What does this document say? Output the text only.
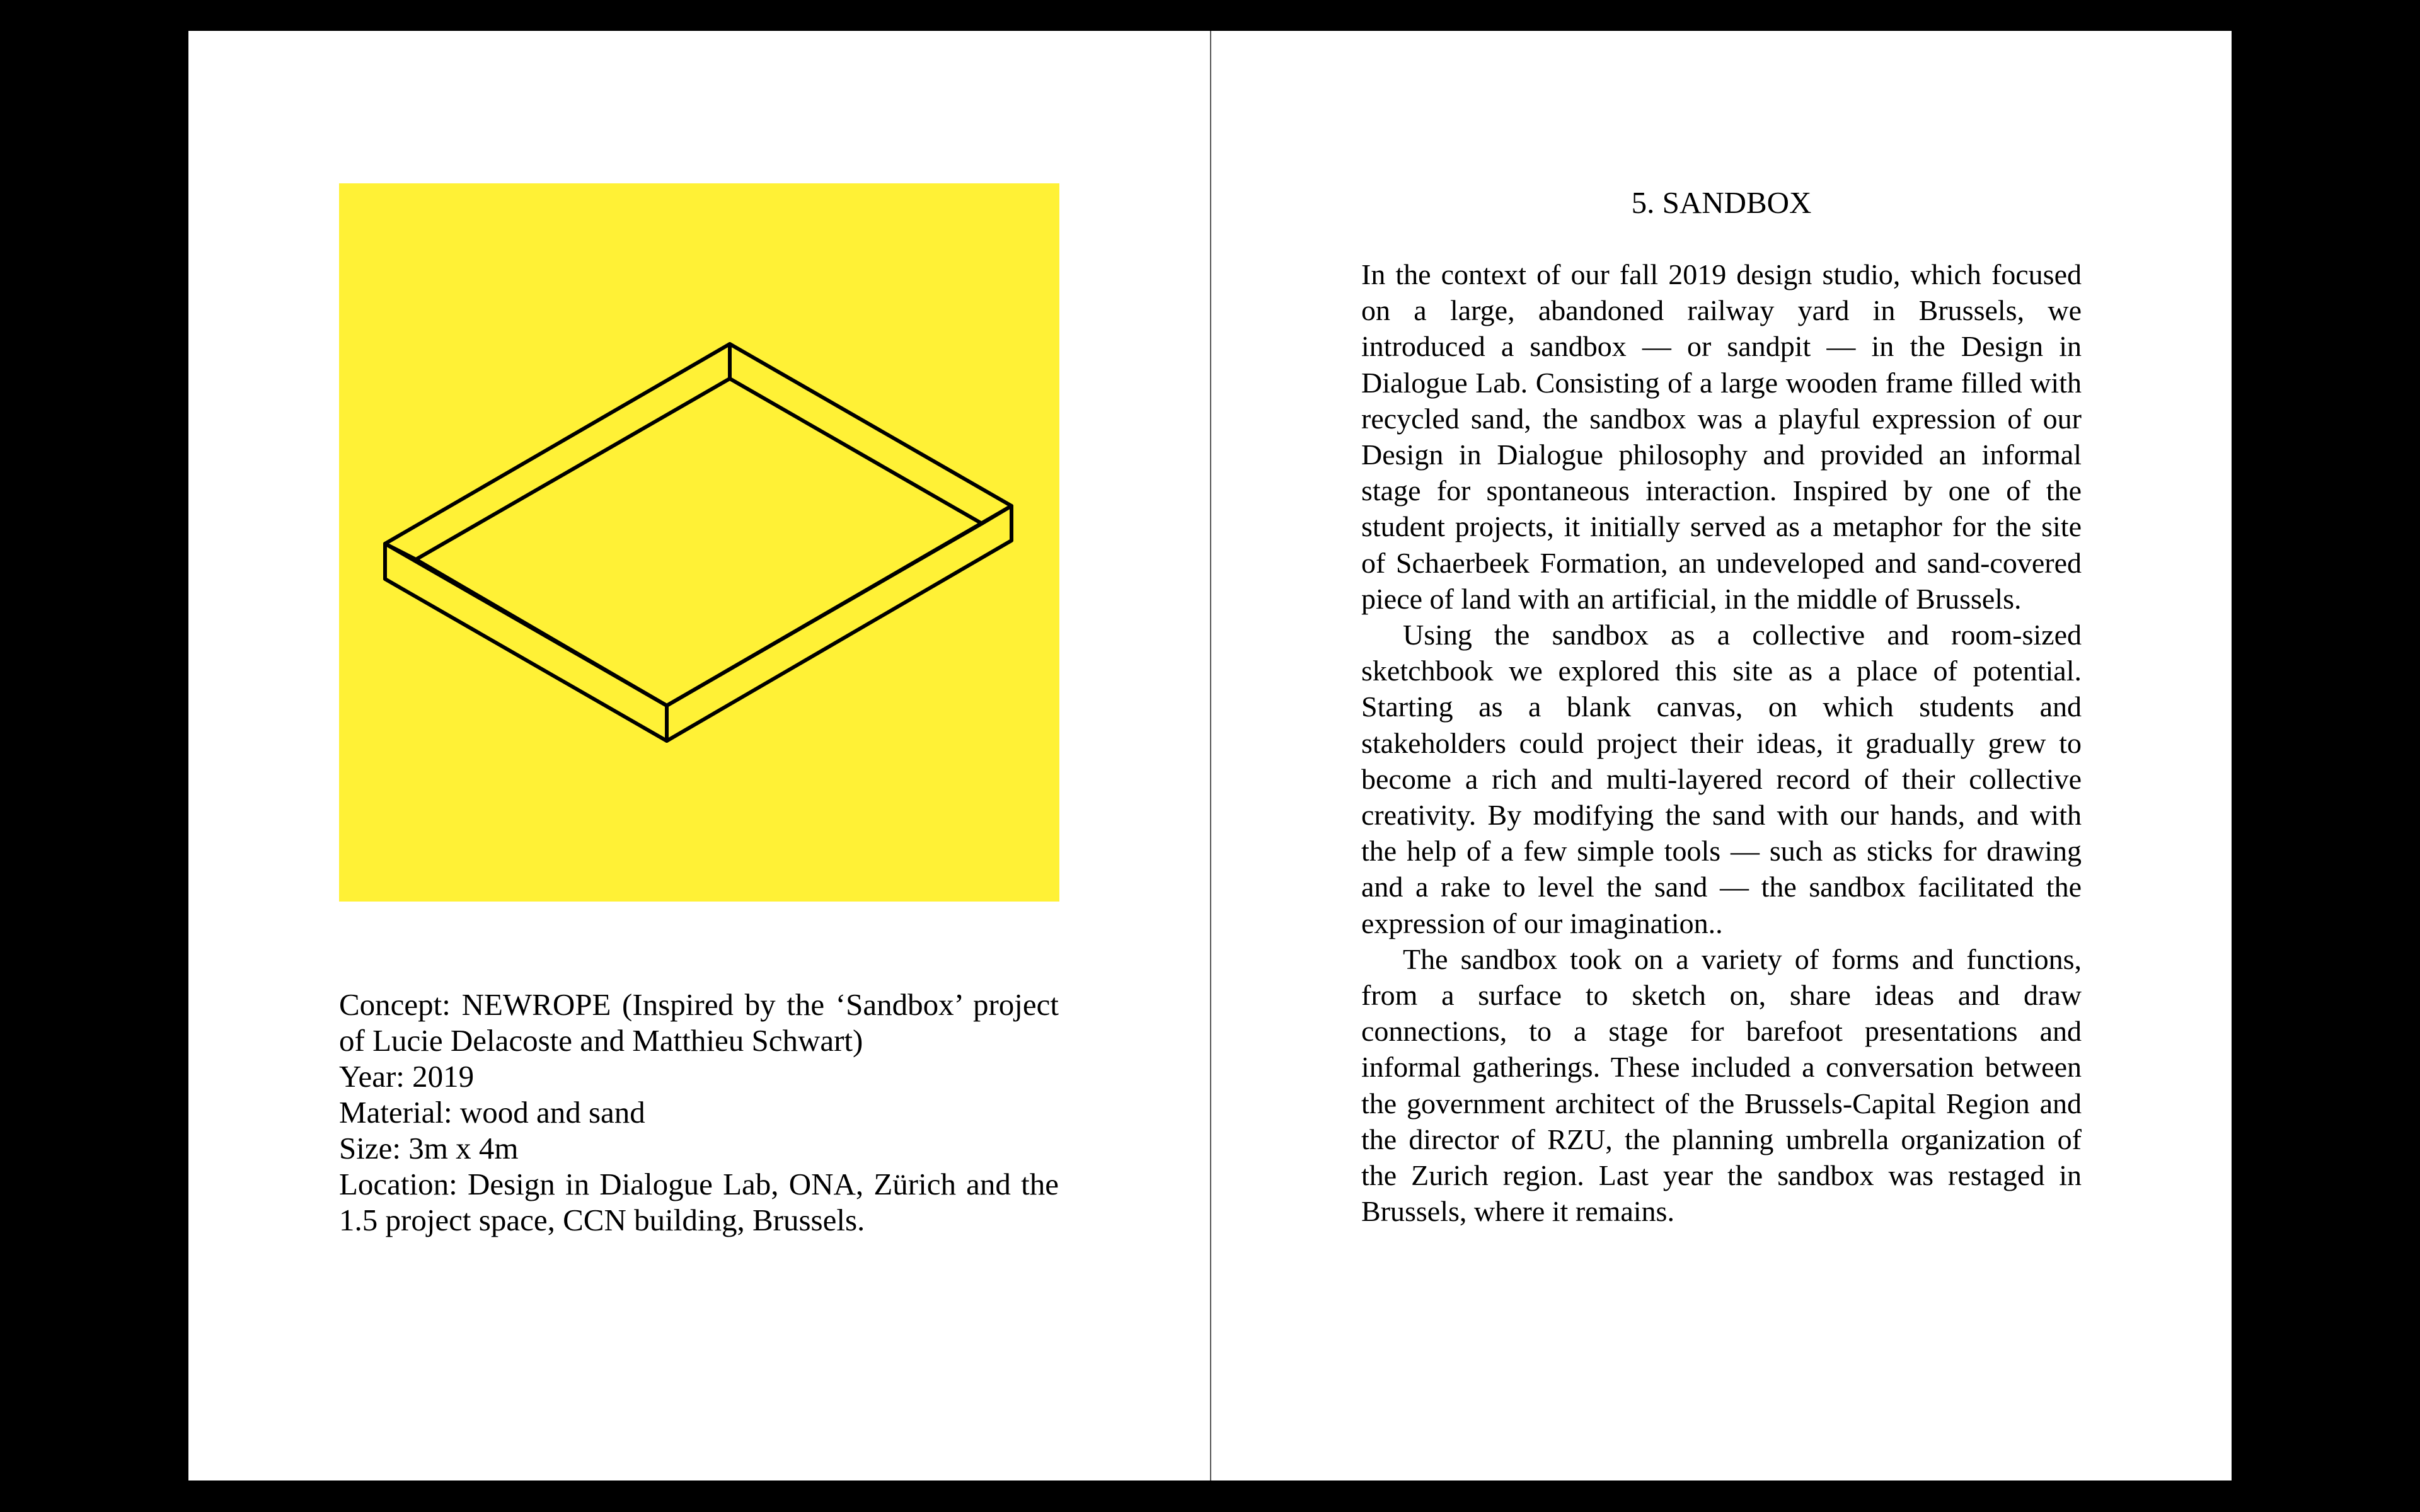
Concept: NEWROPE (Inspired by the ‘Sandbox’ project of Lucie Delacoste and Matthieu Schwart)
Year: 2019
Material: wood and sand
Size: 3m x 4m
Location: Design in Dialogue Lab, ONA, Zürich and the 1.5 project space, CCN building, Brussels.
5. SANDBOX

In the context of our fall 2019 design studio, which focused on a large, abandoned railway yard in Brussels, we introduced a sandbox — or sandpit — in the Design in Dialogue Lab. Consisting of a large wooden frame filled with recycled sand, the sandbox was a playful expression of our Design in Dialogue philosophy and provided an informal stage for spontaneous interaction. Inspired by one of the student projects, it initially served as a metaphor for the site of Schaerbeek Formation, an undeveloped and sand-covered piece of land with an artificial, in the middle of Brussels.

Using the sandbox as a collective and room-sized sketchbook we explored this site as a place of potential. Starting as a blank canvas, on which students and stakeholders could project their ideas, it gradually grew to become a rich and multi-layered record of their collective creativity. By modifying the sand with our hands, and with the help of a few simple tools — such as sticks for drawing and a rake to level the sand — the sandbox facilitated the expression of our imagination..

The sandbox took on a variety of forms and functions, from a surface to sketch on, share ideas and draw connections, to a stage for barefoot presentations and informal gatherings. These included a conversation between the government architect of the Brussels-Capital Region and the director of RZU, the planning umbrella organization of the Zurich region. Last year the sandbox was restaged in Brussels, where it remains.
